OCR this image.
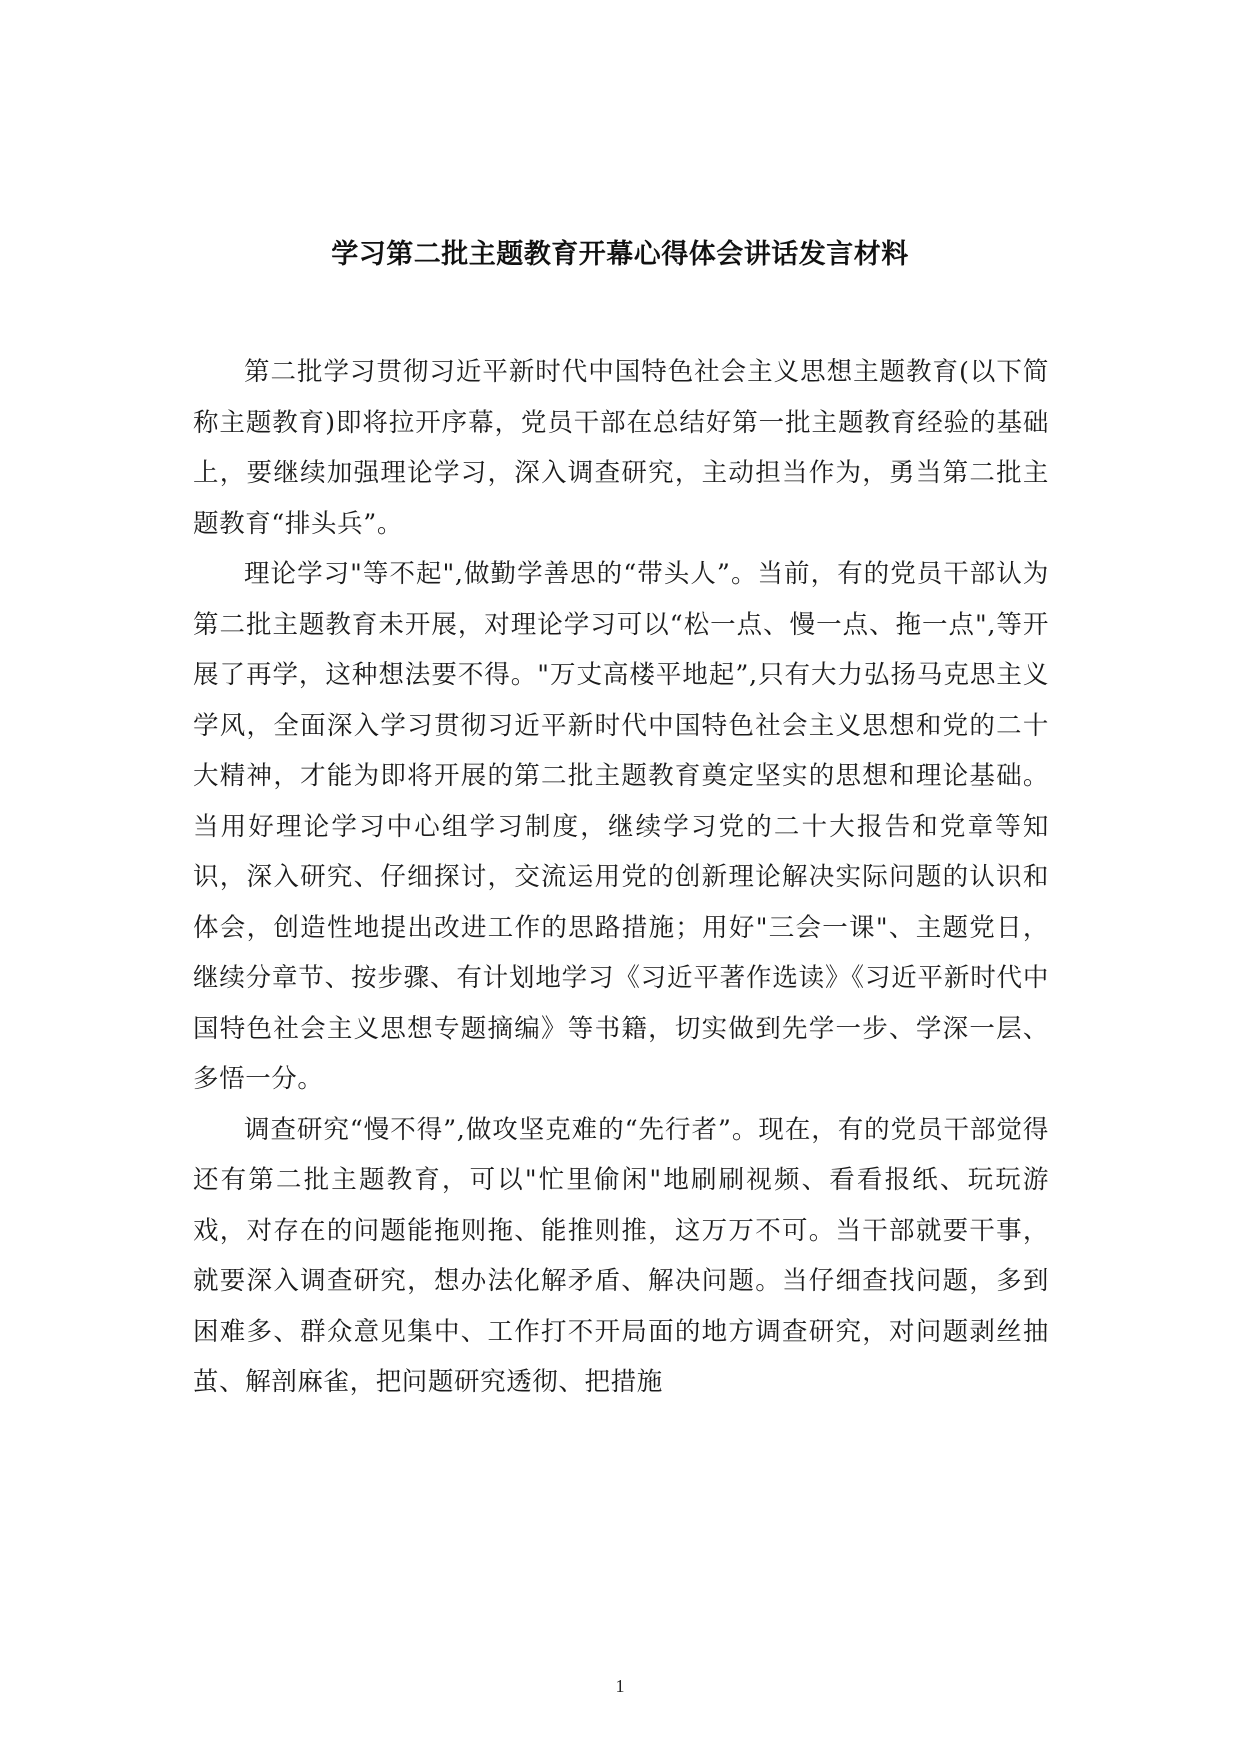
学习第二批主题教育开幕心得体会讲话发言材料

第二批学习贯彻习近平新时代中国特色社会主义思想主题教育(以下简称主题教育)即将拉开序幕，党员干部在总结好第一批主题教育经验的基础上，要继续加强理论学习，深入调查研究，主动担当作为，勇当第二批主题教育“排头兵”。

理论学习"等不起",做勤学善思的“带头人”。当前，有的党员干部认为第二批主题教育未开展，对理论学习可以“松一点、慢一点、拖一点",等开展了再学，这种想法要不得。"万丈高楼平地起”,只有大力弘扬马克思主义学风，全面深入学习贯彻习近平新时代中国特色社会主义思想和党的二十大精神，才能为即将开展的第二批主题教育奠定坚实的思想和理论基础。当用好理论学习中心组学习制度，继续学习党的二十大报告和党章等知识，深入研究、仔细探讨，交流运用党的创新理论解决实际问题的认识和体会，创造性地提出改进工作的思路措施；用好"三会一课"、主题党日，继续分章节、按步骤、有计划地学习《习近平著作选读》《习近平新时代中国特色社会主义思想专题摘编》等书籍，切实做到先学一步、学深一层、多悟一分。

调查研究“慢不得”,做攻坚克难的“先行者”。现在，有的党员干部觉得还有第二批主题教育，可以"忙里偷闲"地刷刷视频、看看报纸、玩玩游戏，对存在的问题能拖则拖、能推则推，这万万不可。当干部就要干事，就要深入调查研究，想办法化解矛盾、解决问题。当仔细查找问题，多到困难多、群众意见集中、工作打不开局面的地方调查研究，对问题剥丝抽茧、解剖麻雀，把问题研究透彻、把措施

1
